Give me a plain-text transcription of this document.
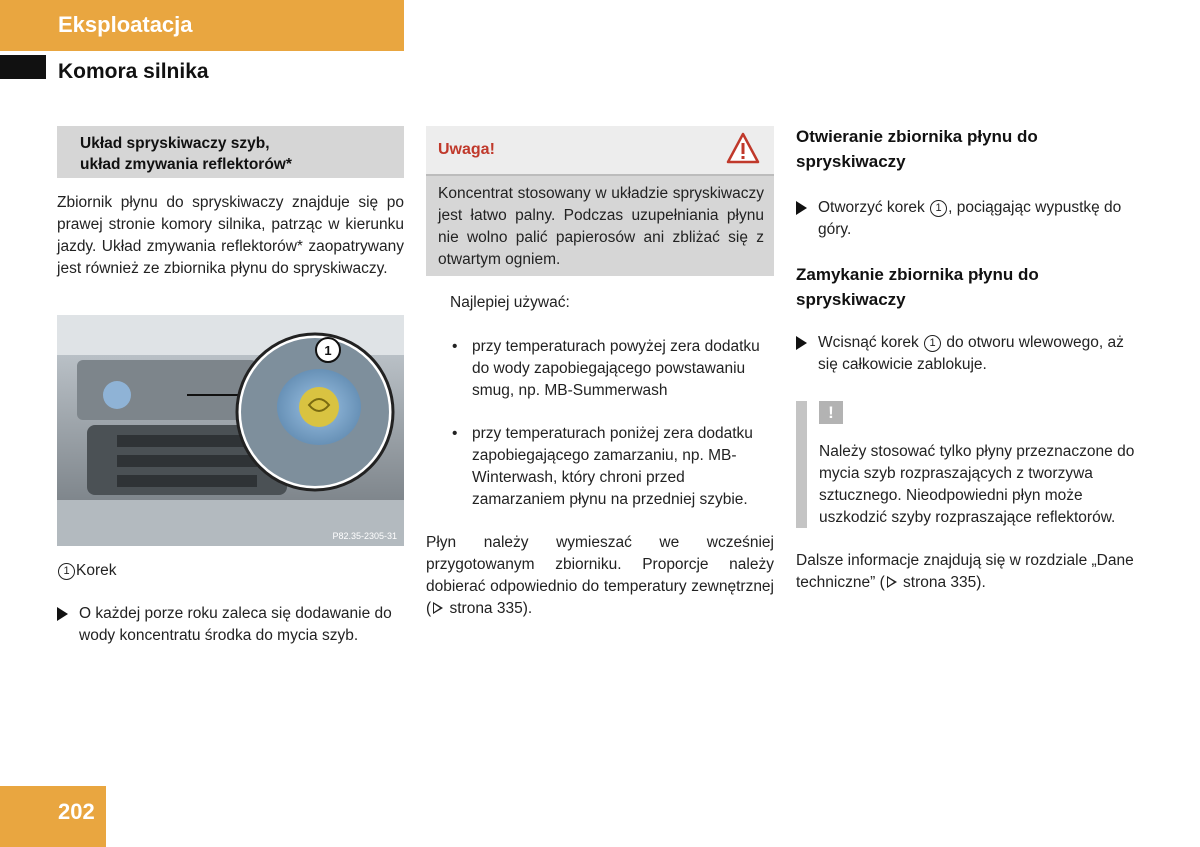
Eksploatacja
Komora silnika
Układ spryskiwaczy szyb,
układ zmywania reflektorów*

Zbiornik płynu do spryskiwaczy znajduje się po prawej stronie komory silnika, patrząc w kierunku jazdy. Układ zmywania reflektorów* zaopatrywany jest również ze zbiornika płynu do spryskiwaczy.

1
P82.35-2305-31

1 Korek

O każdej porze roku zaleca się dodawanie do wody koncentratu środka do mycia szyb.

Uwaga!
Koncentrat stosowany w układzie spryskiwaczy jest łatwo palny. Podczas uzupełniania płynu nie wolno palić papierosów ani zbliżać się z otwartym ogniem.

Najlepiej używać:

• przy temperaturach powyżej zera dodatku do wody zapobiegającego powstawaniu smug, np. MB-Summerwash

• przy temperaturach poniżej zera dodatku zapobiegającego zamarzaniu, np. MB-Winterwash, który chroni przed zamarzaniem płynu na przedniej szybie.

Płyn należy wymieszać we wcześniej przygotowanym zbiorniku. Proporcje należy dobierać odpowiednio do temperatury zewnętrznej ( strona 335).

Otwieranie zbiornika płynu do spryskiwaczy

Otworzyć korek 1 , pociągając wypustkę do góry.

Zamykanie zbiornika płynu do spryskiwaczy

Wcisnąć korek 1 do otworu wlewowego, aż się całkowicie zablokuje.

!

Należy stosować tylko płyny przeznaczone do mycia szyb rozpraszających z tworzywa sztucznego. Nieodpowiedni płyn może uszkodzić szyby rozpraszające reflektorów.

Dalsze informacje znajdują się w rozdziale „Dane techniczne” ( strona 335).

202
